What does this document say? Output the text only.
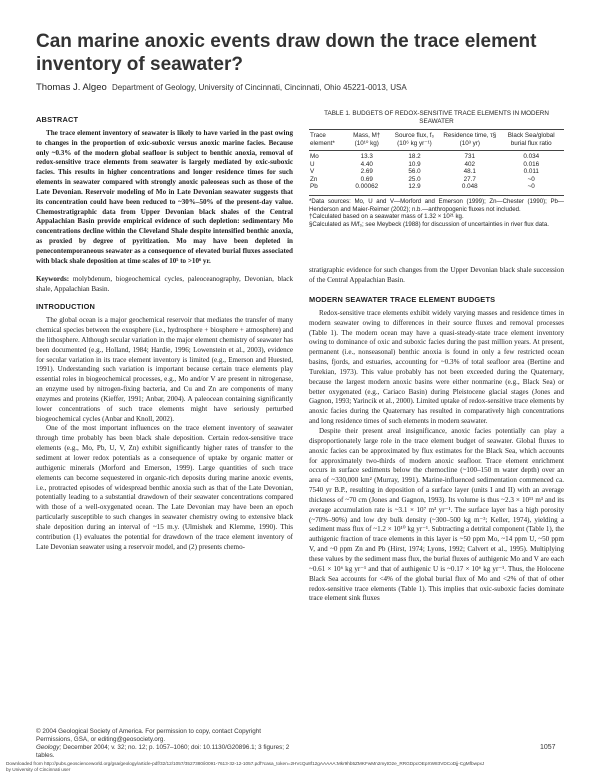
Can marine anoxic events draw down the trace element inventory of seawater?
Thomas J. Algeo Department of Geology, University of Cincinnati, Cincinnati, Ohio 45221-0013, USA
ABSTRACT

The trace element inventory of seawater is likely to have varied in the past owing to changes in the proportion of oxic-suboxic versus anoxic marine facies. Because only ~0.3% of the modern global seafloor is subject to benthic anoxia, removal of redox-sensitive trace elements from seawater is largely mediated by oxic-suboxic facies. This results in higher concentrations and longer residence times for such elements in seawater compared with strongly anoxic paleoseas such as those of the Late Devonian. Reservoir modeling of Mo in Late Devonian seawater suggests that its concentration could have been reduced to ~30%–50% of the present-day value. Chemostratigraphic data from Upper Devonian black shales of the Central Appalachian Basin provide empirical evidence of such depletion: sedimentary Mo concentrations decline within the Cleveland Shale despite intensified benthic anoxia, as proxied by degree of pyritization. Mo may have been depleted in penecontemporaneous seawater as a consequence of elevated burial fluxes associated with black shale deposition at time scales of 10⁵ to >10⁶ yr.

Keywords: molybdenum, biogeochemical cycles, paleoceanography, Devonian, black shale, Appalachian Basin.

INTRODUCTION

The global ocean is a major geochemical reservoir that mediates the transfer of many chemical species between the exosphere (i.e., hydrosphere + biosphere + atmosphere) and the lithosphere. Although secular variation in the major element chemistry of seawater has been documented (e.g., Holland, 1984; Hardie, 1996; Lowenstein et al., 2003), evidence for secular variation in its trace element inventory is limited (e.g., Emerson and Huested, 1991). Understanding such variation is important because certain trace elements play essential roles in biogeochemical processes, e.g., Mo and/or V are present in nitrogenase, an enzyme used by nitrogen-fixing bacteria, and Cu and Zn are components of many enzymes and proteins (Kieffer, 1991; Anbar, 2004). A paleocean containing significantly lower concentrations of such trace elements might have seriously perturbed biogeochemical cycles (Anbar and Knoll, 2002).

One of the most important influences on the trace element inventory of seawater through time probably has been black shale deposition. Certain redox-sensitive trace elements (e.g., Mo, Pb, U, V, Zn) exhibit significantly higher rates of transfer to the sediment at lower redox potentials as a consequence of uptake by organic matter or authigenic minerals (Morford and Emerson, 1999). Large quantities of such trace elements can become sequestered in organic-rich deposits during marine anoxic events, i.e., protracted episodes of widespread benthic anoxia such as that of the Late Devonian, potentially leading to a substantial drawdown of their seawater concentrations compared with those of a well-oxygenated ocean. The Late Devonian may have been an epoch particularly susceptible to such changes in seawater chemistry owing to extensive black shale deposition during an interval of ~15 m.y. (Ulmishek and Klemme, 1990). This contribution (1) evaluates the potential for drawdown of the trace element inventory of Late Devonian seawater using a reservoir model, and (2) presents chemo-

TABLE 1. BUDGETS OF REDOX-SENSITIVE TRACE ELEMENTS IN MODERN SEAWATER

Trace element*	Mass, M† (10¹⁰ kg)	Source flux, f₀ (10⁶ kg yr⁻¹)	Residence time, τ§ (10³ yr)	Black Sea/global burial flux ratio
Mo	13.3	18.2	731	0.034
U	4.40	10.9	402	0.016
V	2.69	56.0	48.1	0.011
Zn	0.69	25.0	27.7	~0
Pb	0.00062	12.9	0.048	~0

*Data sources: Mo, U and V—Morford and Emerson (1999); Zn—Chester (1990); Pb—Henderson and Maier-Reimer (2002); n.b.—anthropogenic fluxes not included.

†Calculated based on a seawater mass of 1.32 × 10²¹ kg.

§Calculated as M/f₀; see Meybeck (1988) for discussion of uncertainties in river flux data.

stratigraphic evidence for such changes from the Upper Devonian black shale succession of the Central Appalachian Basin.

MODERN SEAWATER TRACE ELEMENT BUDGETS

Redox-sensitive trace elements exhibit widely varying masses and residence times in modern seawater owing to differences in their source fluxes and removal processes (Table 1). The modern ocean may have a quasi-steady-state trace element inventory owing to dominance of oxic and suboxic facies during the past million years. At present, permanent (i.e., nonseasonal) benthic anoxia is found in only a few restricted ocean basins, fjords, and estuaries, accounting for ~0.3% of total seafloor area (Bertine and Turekian, 1973). This value probably has not been exceeded during the Quaternary, because the largest modern anoxic basins were either nonmarine (e.g., Black Sea) or better oxygenated (e.g., Cariaco Basin) during Pleistocene glacial stages (Jones and Gagnon, 1993; Yarincik et al., 2000). Limited uptake of redox-sensitive trace elements by anoxic facies during the Quaternary has resulted in comparatively high concentrations and long residence times of such elements in modern seawater.

Despite their present areal insignificance, anoxic facies potentially can play a disproportionately large role in the trace element budget of seawater. Global fluxes to anoxic facies can be approximated by flux estimates for the Black Sea, which accounts for approximately two-thirds of modern anoxic seafloor. Trace element enrichment occurs in surface sediments below the chemocline (~100–150 m water depth) over an area of ~330,000 km² (Murray, 1991). Marine-influenced sedimentation commenced ca. 7540 yr B.P., resulting in deposition of a surface layer (units I and II) with an average thickness of ~70 cm (Jones and Gagnon, 1993). Its volume is thus ~2.3 × 10¹¹ m³ and its average accumulation rate is ~3.1 × 10⁷ m³ yr⁻¹. The surface layer has a high porosity (~70%–90%) and low dry bulk density (~300–500 kg m⁻³; Keller, 1974), yielding a sediment mass flux of ~1.2 × 10¹⁰ kg yr⁻¹. Subtracting a detrital component (Table 1), the authigenic fraction of trace elements in this layer is ~50 ppm Mo, ~14 ppm U, ~50 ppm V, and ~0 ppm Zn and Pb (Hirst, 1974; Lyons, 1992; Calvert et al., 1995). Multiplying these values by the sediment mass flux, the burial fluxes of authigenic Mo and V are each ~0.61 × 10⁶ kg yr⁻¹ and that of authigenic U is ~0.17 × 10⁶ kg yr⁻¹. Thus, the Holocene Black Sea accounts for <4% of the global burial flux of Mo and <2% of that of other redox-sensitive trace elements (Table 1). This implies that oxic-suboxic facies dominate trace element sink fluxes

© 2004 Geological Society of America. For permission to copy, contact Copyright Permissions, GSA, or editing@geosociety.org.

Geology; December 2004; v. 32; no. 12; p. 1057–1060; doi: 10.1130/G20896.1; 3 figures; 2 tables.

1057

Downloaded from http://pubs.geoscienceworld.org/gsa/geology/article-pdf/32/12/1057/3527380/i0091-7613-32-12-1057.pdf?casa_token=2HVcQu8f12gAAAAA:Mkr9hb5ZMKFwMn2mytO2e_RRGDpcOEpXW83VDCoDjj-CgMfbwpxJ

by University of Cincinnati user
